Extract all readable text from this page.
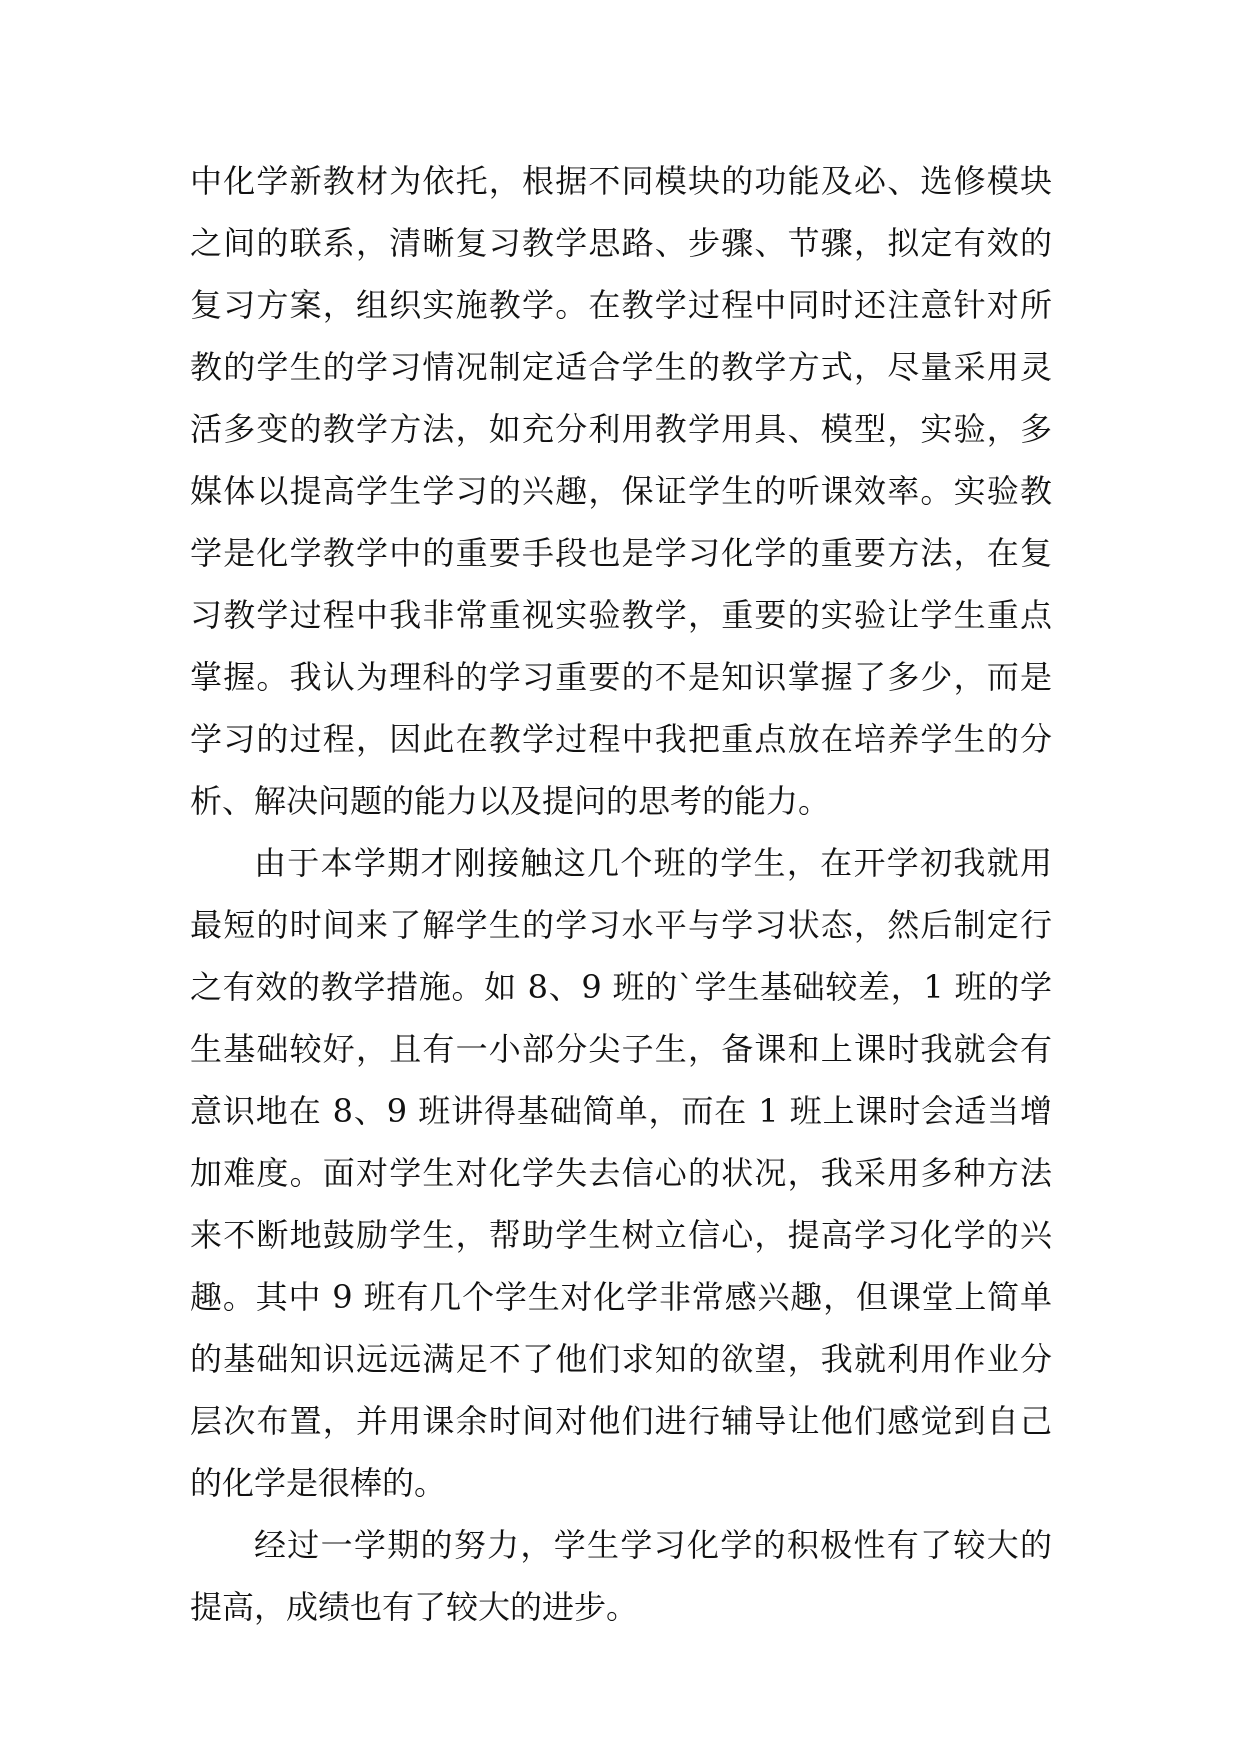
中化学新教材为依托，根据不同模块的功能及必、选修模块
之间的联系，清晰复习教学思路、步骤、节骤，拟定有效的
复习方案，组织实施教学。在教学过程中同时还注意针对所
教的学生的学习情况制定适合学生的教学方式，尽量采用灵
活多变的教学方法，如充分利用教学用具、模型，实验，多
媒体以提高学生学习的兴趣，保证学生的听课效率。实验教
学是化学教学中的重要手段也是学习化学的重要方法，在复
习教学过程中我非常重视实验教学，重要的实验让学生重点
掌握。我认为理科的学习重要的不是知识掌握了多少，而是
学习的过程，因此在教学过程中我把重点放在培养学生的分
析、解决问题的能力以及提问的思考的能力。
由于本学期才刚接触这几个班的学生，在开学初我就用
最短的时间来了解学生的学习水平与学习状态，然后制定行
之有效的教学措施。如 8、9 班的`学生基础较差，1 班的学
生基础较好，且有一小部分尖子生，备课和上课时我就会有
意识地在 8、9 班讲得基础简单，而在 1 班上课时会适当增
加难度。面对学生对化学失去信心的状况，我采用多种方法
来不断地鼓励学生，帮助学生树立信心，提高学习化学的兴
趣。其中 9 班有几个学生对化学非常感兴趣，但课堂上简单
的基础知识远远满足不了他们求知的欲望，我就利用作业分
层次布置，并用课余时间对他们进行辅导让他们感觉到自己
的化学是很棒的。
经过一学期的努力，学生学习化学的积极性有了较大的
提高，成绩也有了较大的进步。
